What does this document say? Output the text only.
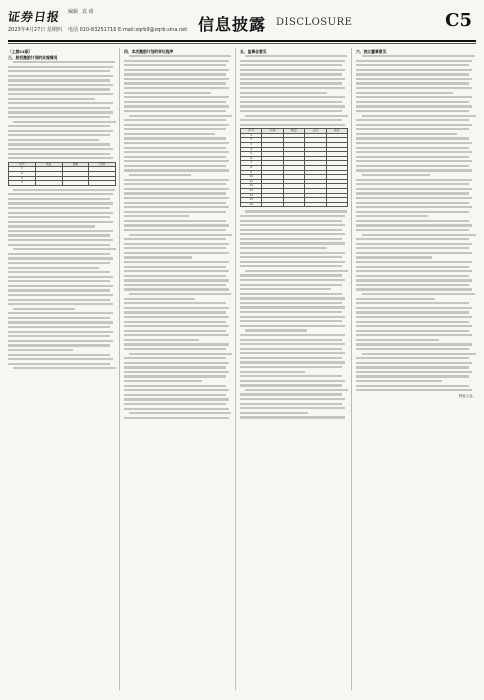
证券日报 编辑 袁 琦
2023年4月27日 星期四 电话 010-83251716 E-mail:zqrb9@zqrb.sina.net 信息披露 DISCLOSURE	C5
（上接C4版）
三、股权激励计划的实施情况
序号	项目	金额	比例
1			
2			
3			
4			
四、本次激励计划的审议程序	五、监事会意见
序号	名称	数量	占比	备注
1				
2				
3				
4				
5				
6				
7				
8				
9				
10				
11				
12				
13				
14				
15				
16				
六、独立董事意见
特此公告。
